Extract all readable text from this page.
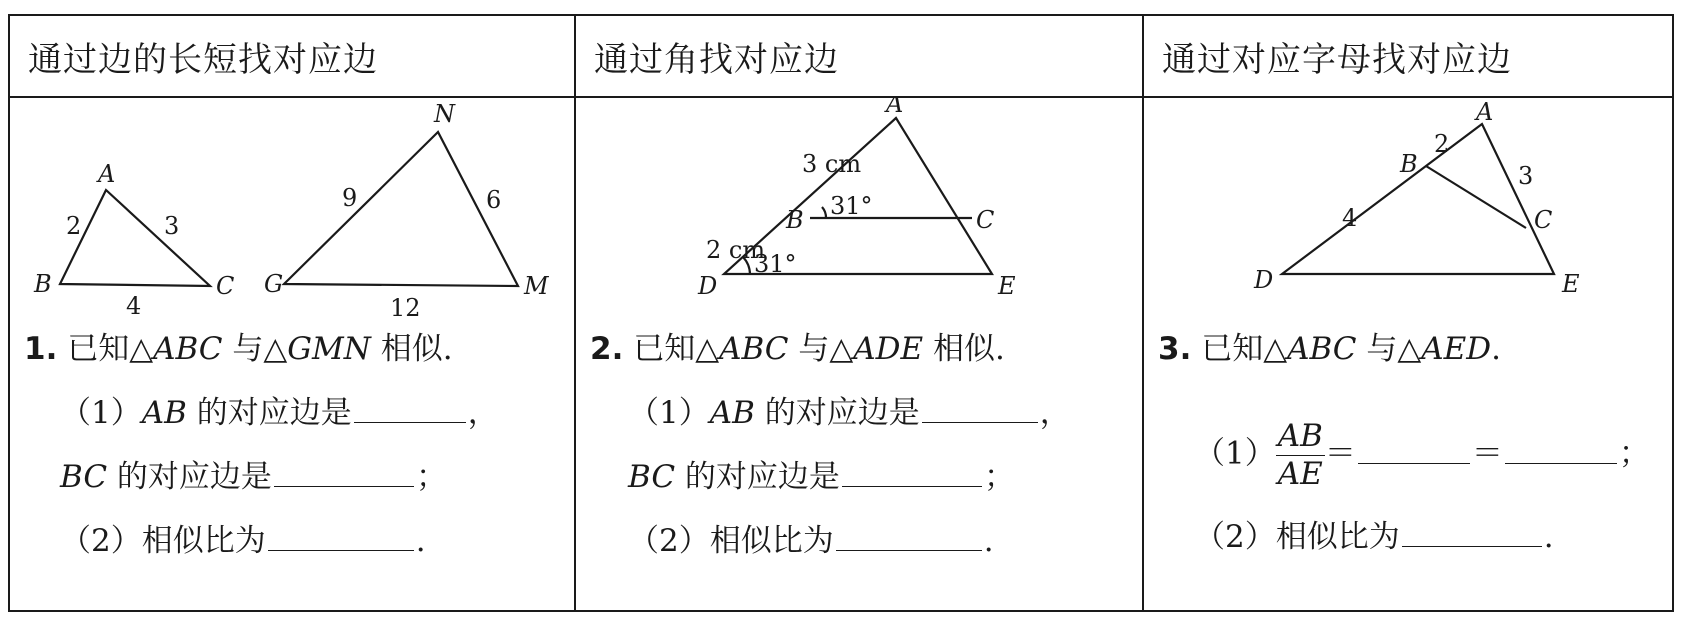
通过边的长短找对应边	通过角找对应边	通过对应字母找对应边
A
B	C
2	3
4
N
G	M
9	6
12
A
B	C
D	E
3 cm
2 cm
31°
31°
A
B
C
D	E
2
3
4
1. 已知△ABC 与△GMN 相似.
（1）AB 的对应边是	，
BC 的对应边是	；
（2）相似比为	.
2. 已知△ABC 与△ADE 相似.
（1）AB 的对应边是	，
BC 的对应边是	；
（2）相似比为	.
3. 已知△ABC 与△AED.
$(1) \frac{AB}{AE}$ ＝	＝	；
（2）相似比为	.
